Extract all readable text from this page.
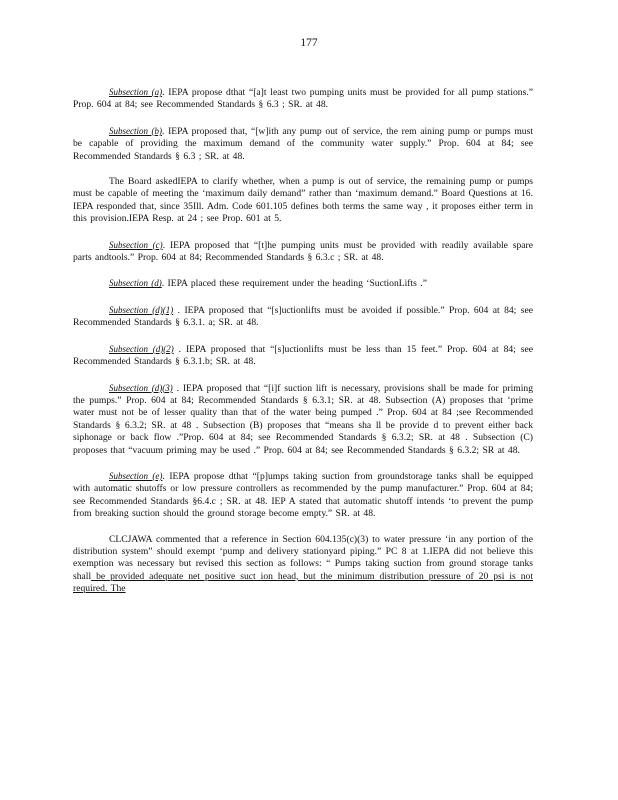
177

Subsection (a). IEPA propose dthat “[a]t least two pumping units must be provided for all pump stations.” Prop. 604 at 84; see Recommended Standards § 6.3 ; SR. at 48.

Subsection (b). IEPA proposed that, “[w]ith any pump out of service, the rem aining pump or pumps must be capable of providing the maximum demand of the community water supply.” Prop. 604 at 84; see Recommended Standards § 6.3 ; SR. at 48.

The Board askedIEPA to clarify whether, when a pump is out of service, the remaining pump or pumps must be capable of meeting the ‘maximum daily demand” rather than ‘maximum demand.” Board Questions at 16. IEPA responded that, since 35Ill. Adm. Code 601.105 defines both terms the same way , it proposes either term in this provision.IEPA Resp. at 24 ; see Prop. 601 at 5.

Subsection (c). IEPA proposed that “[t]he pumping units must be provided with readily available spare parts andtools.” Prop. 604 at 84; Recommended Standards § 6.3.c ; SR. at 48.

Subsection (d). IEPA placed these requirement under the heading ‘SuctionLifts .”

Subsection (d)(1) . IEPA proposed that “[s]uctionlifts must be avoided if possible.” Prop. 604 at 84; see Recommended Standards § 6.3.1. a; SR. at 48.

Subsection (d)(2) . IEPA proposed that “[s]uctionlifts must be less than 15 feet.” Prop. 604 at 84; see Recommended Standards § 6.3.1.b; SR. at 48.

Subsection (d)(3) . IEPA proposed that “[i]f suction lift is necessary, provisions shall be made for priming the pumps.” Prop. 604 at 84; Recommended Standards § 6.3.1; SR. at 48. Subsection (A) proposes that ‘prime water must not be of lesser quality than that of the water being pumped .” Prop. 604 at 84 ;see Recommended Standards § 6.3.2; SR. at 48 . Subsection (B) proposes that “means sha ll be provide d to prevent either back siphonage or back flow .”Prop. 604 at 84; see Recommended Standards § 6.3.2; SR. at 48 . Subsection (C) proposes that “vacuum priming may be used .” Prop. 604 at 84; see Recommended Standards § 6.3.2; SR at 48.

Subsection (e). IEPA propose dthat “[p]umps taking suction from groundstorage tanks shall be equipped with automatic shutoffs or low pressure controllers as recommended by the pump manufacturer.” Prop. 604 at 84; see Recommended Standards §6.4.c ; SR. at 48. IEP A stated that automatic shutoff intends ‘to prevent the pump from breaking suction should the ground storage become empty.” SR. at 48.

CLCJAWA commented that a reference in Section 604.135(c)(3) to water pressure ‘in any portion of the distribution system” should exempt ‘pump and delivery stationyard piping.” PC 8 at 1.IEPA did not believe this exemption was necessary but revised this section as follows: “ Pumps taking suction from ground storage tanks shall be provided adequate net positive suct ion head, but the minimum distribution pressure of 20 psi is not required. The
